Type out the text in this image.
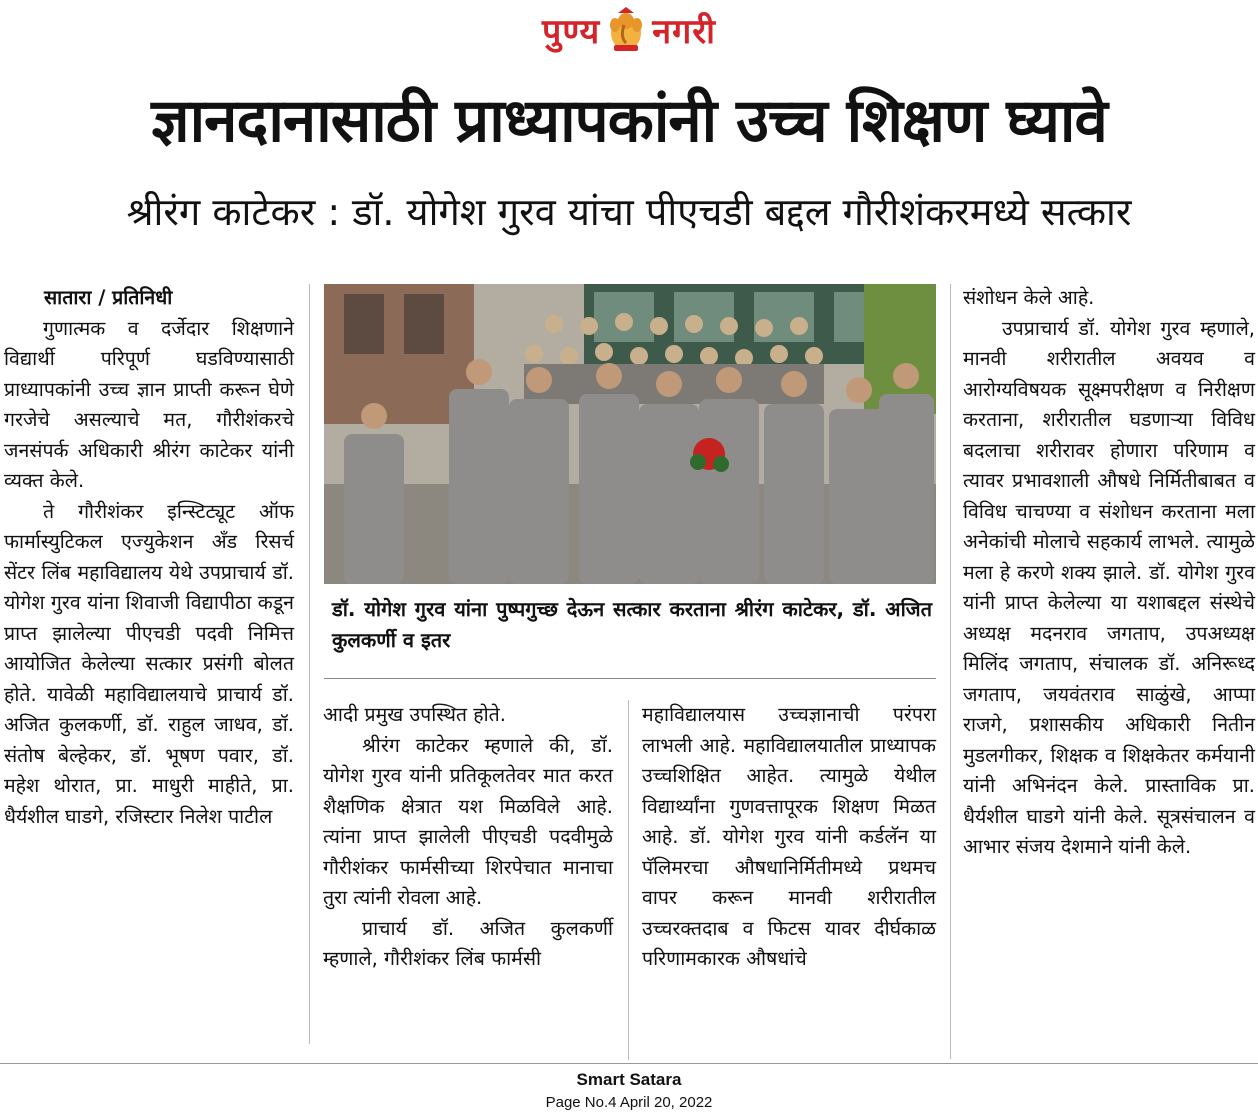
पुण्य नगरी
ज्ञानदानासाठी प्राध्यापकांनी उच्च शिक्षण घ्यावे
श्रीरंग काटेकर : डॉ. योगेश गुरव यांचा पीएचडी बद्दल गौरीशंकरमध्ये सत्कार

सातारा / प्रतिनिधी

गुणात्मक व दर्जेदार शिक्षणाने विद्यार्थी परिपूर्ण घडविण्यासाठी प्राध्यापकांनी उच्च ज्ञान प्राप्ती करून घेणे गरजेचे असल्याचे मत, गौरीशंकरचे जनसंपर्क अधिकारी श्रीरंग काटेकर यांनी व्यक्त केले.

ते गौरीशंकर इन्स्टिट्यूट ऑफ फार्मास्युटिकल एज्युकेशन अँड रिसर्च सेंटर लिंब महाविद्यालय येथे उपप्राचार्य डॉ. योगेश गुरव यांना शिवाजी विद्यापीठा कडून प्राप्त झालेल्या पीएचडी पदवी निमित्त आयोजित केलेल्या सत्कार प्रसंगी बोलत होते. यावेळी महाविद्यालयाचे प्राचार्य डॉ. अजित कुलकर्णी, डॉ. राहुल जाधव, डॉ. संतोष बेल्हेकर, डॉ. भूषण पवार, डॉ. महेश थोरात, प्रा. माधुरी माहीते, प्रा. धैर्यशील घाडगे, रजिस्टार निलेश पाटील

डॉ. योगेश गुरव यांना पुष्पगुच्छ देऊन सत्कार करताना श्रीरंग काटेकर, डॉ. अजित कुलकर्णी व इतर

आदी प्रमुख उपस्थित होते.

श्रीरंग काटेकर म्हणाले की, डॉ. योगेश गुरव यांनी प्रतिकूलतेवर मात करत शैक्षणिक क्षेत्रात यश मिळविले आहे. त्यांना प्राप्त झालेली पीएचडी पदवीमुळे गौरीशंकर फार्मसीच्या शिरपेचात मानाचा तुरा त्यांनी रोवला आहे.

प्राचार्य डॉ. अजित कुलकर्णी म्हणाले, गौरीशंकर लिंब फार्मसी

महाविद्यालयास उच्चज्ञानाची परंपरा लाभली आहे. महाविद्यालयातील प्राध्यापक उच्चशिक्षित आहेत. त्यामुळे येथील विद्यार्थ्यांना गुणवत्तापूरक शिक्षण मिळत आहे. डॉ. योगेश गुरव यांनी कर्डलॅन या पॅलिमरचा औषधानिर्मितीमध्ये प्रथमच वापर करून मानवी शरीरातील उच्चरक्तदाब व फिटस यावर दीर्घकाळ परिणामकारक औषधांचे

संशोधन केले आहे.

उपप्राचार्य डॉ. योगेश गुरव म्हणाले, मानवी शरीरातील अवयव व आरोग्यविषयक सूक्ष्मपरीक्षण व निरीक्षण करताना, शरीरातील घडणाऱ्या विविध बदलाचा शरीरावर होणारा परिणाम व त्यावर प्रभावशाली औषधे निर्मितीबाबत व विविध चाचण्या व संशोधन करताना मला अनेकांची मोलाचे सहकार्य लाभले. त्यामुळे मला हे करणे शक्य झाले. डॉ. योगेश गुरव यांनी प्राप्त केलेल्या या यशाबद्दल संस्थेचे अध्यक्ष मदनराव जगताप, उपअध्यक्ष मिलिंद जगताप, संचालक डॉ. अनिरूध्द जगताप, जयवंतराव साळुंखे, आप्पा राजगे, प्रशासकीय अधिकारी नितीन मुडलगीकर, शिक्षक व शिक्षकेतर कर्मयानी यांनी अभिनंदन केले. प्रास्ताविक प्रा. धैर्यशील घाडगे यांनी केले. सूत्रसंचालन व आभार संजय देशमाने यांनी केले.

Smart Satara
Page No.4 April 20, 2022
